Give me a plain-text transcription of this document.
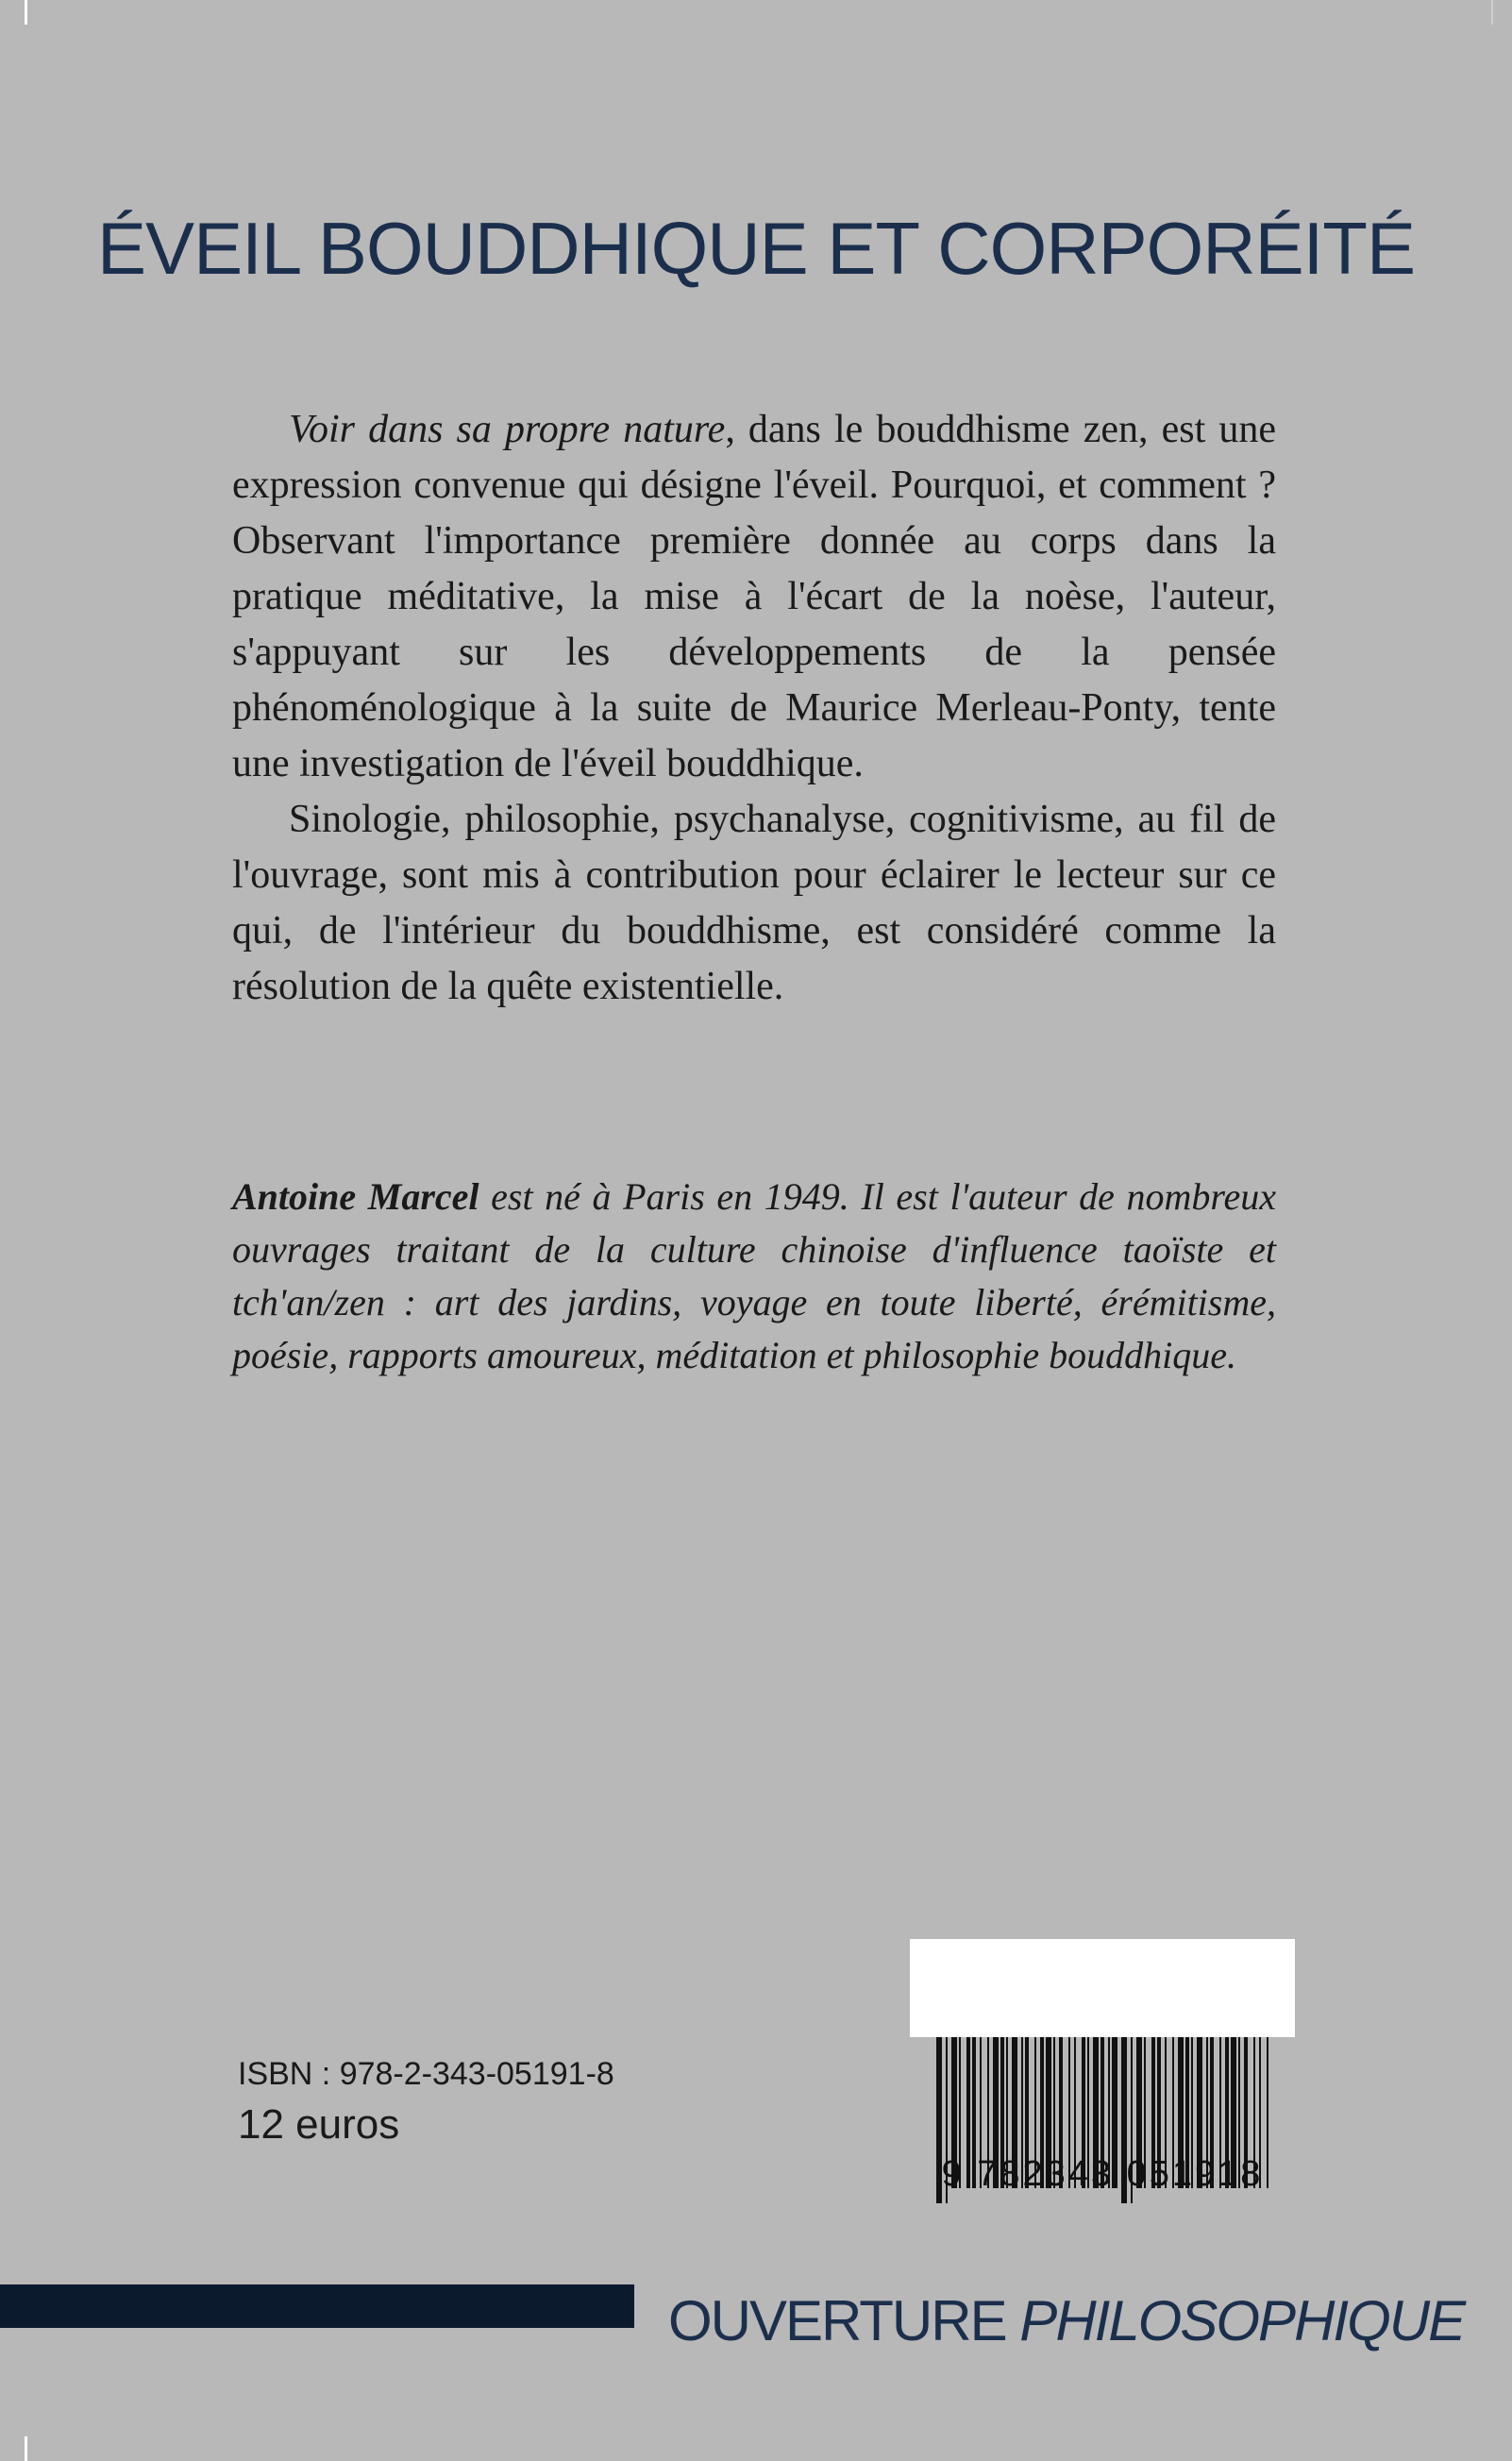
ÉVEIL BOUDDHIQUE ET CORPORÉITÉ

Voir dans sa propre nature, dans le bouddhisme zen, est une expression convenue qui désigne l'éveil. Pourquoi, et comment ? Observant l'importance première donnée au corps dans la pratique méditative, la mise à l'écart de la noèse, l'auteur, s'appuyant sur les développements de la pensée phénoménologique à la suite de Maurice Merleau-Ponty, tente une investigation de l'éveil bouddhique.

Sinologie, philosophie, psychanalyse, cognitivisme, au fil de l'ouvrage, sont mis à contribution pour éclairer le lecteur sur ce qui, de l'intérieur du bouddhisme, est considéré comme la résolution de la quête existentielle.

Antoine Marcel est né à Paris en 1949. Il est l'auteur de nombreux ouvrages traitant de la culture chinoise d'influence taoïste et tch'an/zen : art des jardins, voyage en toute liberté, érémitisme, poésie, rapports amoureux, méditation et philosophie bouddhique.

ISBN : 978-2-343-05191-8
12 euros
9 782343 051918
OUVERTURE PHILOSOPHIQUE
